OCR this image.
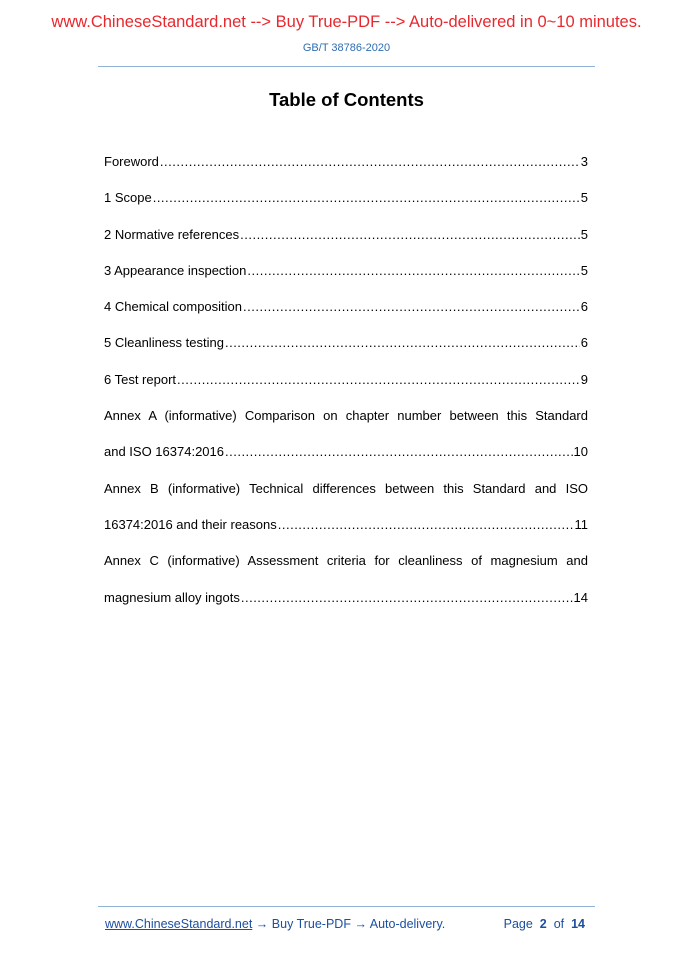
www.ChineseStandard.net --> Buy True-PDF --> Auto-delivered in 0~10 minutes.
GB/T 38786-2020
Table of Contents
Foreword .....	3
1 Scope .....	5
2 Normative references .....	5
3 Appearance inspection .....	5
4 Chemical composition .....	6
5 Cleanliness testing .....	6
6 Test report .....	9
Annex A (informative) Comparison on chapter number between this Standard
and ISO 16374:2016 .....	10
Annex B (informative) Technical differences between this Standard and ISO
16374:2016 and their reasons .....	11
Annex C (informative) Assessment criteria for cleanliness of magnesium and
magnesium alloy ingots .....	14
www.ChineseStandard.net → Buy True-PDF → Auto-delivery.	Page 2 of 14
